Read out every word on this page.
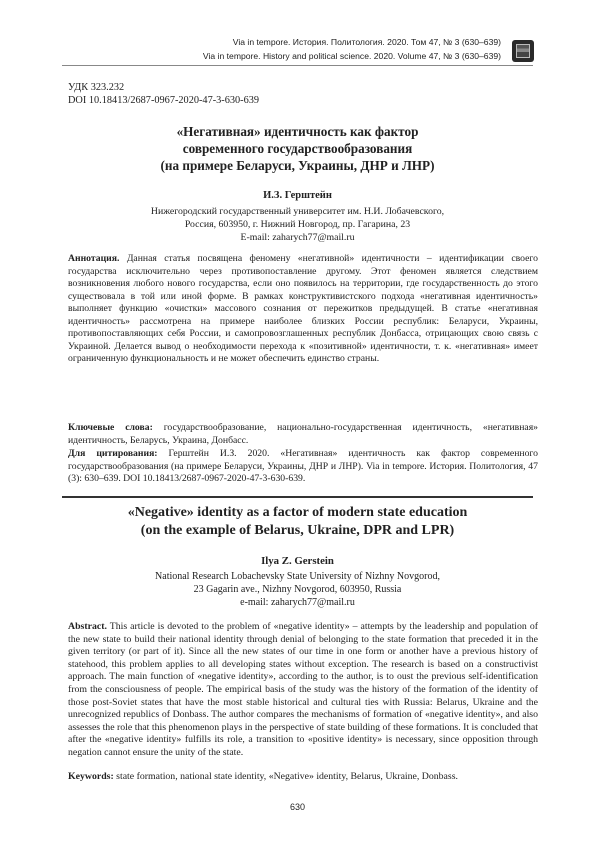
Via in tempore. История. Политология. 2020. Том 47, № 3 (630–639)
Via in tempore. History and political science. 2020. Volume 47, № 3 (630–639)
УДК 323.232
DOI 10.18413/2687-0967-2020-47-3-630-639
«Негативная» идентичность как фактор
современного государствообразования
(на примере Беларуси, Украины, ДНР и ЛНР)
И.З. Герштейн
Нижегородский государственный университет им. Н.И. Лобачевского,
Россия, 603950, г. Нижний Новгород, пр. Гагарина, 23
E-mail: zaharych77@mail.ru
Аннотация. Данная статья посвящена феномену «негативной» идентичности – идентификации своего государства исключительно через противопоставление другому. Этот феномен является следствием возникновения любого нового государства, если оно появилось на территории, где государственность до этого существовала в той или иной форме. В рамках конструктивистского подхода «негативная идентичность» выполняет функцию «очистки» массового сознания от пережитков предыдущей. В статье «негативная идентичность» рассмотрена на примере наиболее близких России республик: Беларуси, Украины, противопоставляющих себя России, и самопровозглашенных республик Донбасса, отрицающих свою связь с Украиной. Делается вывод о необходимости перехода к «позитивной» идентичности, т. к. «негативная» имеет ограниченную функциональность и не может обеспечить единство страны.
Ключевые слова: государствообразование, национально-государственная идентичность, «негативная» идентичность, Беларусь, Украина, Донбасс.
Для цитирования: Герштейн И.З. 2020. «Негативная» идентичность как фактор современного государствообразования (на примере Беларуси, Украины, ДНР и ЛНР). Via in tempore. История. Политология, 47 (3): 630–639. DOI 10.18413/2687-0967-2020-47-3-630-639.
«Negative» identity as a factor of modern state education
(on the example of Belarus, Ukraine, DPR and LPR)
Ilya Z. Gerstein
National Research Lobachevsky State University of Nizhny Novgorod,
23 Gagarin ave., Nizhny Novgorod, 603950, Russia
e-mail: zaharych77@mail.ru
Abstract. This article is devoted to the problem of «negative identity» – attempts by the leadership and population of the new state to build their national identity through denial of belonging to the state formation that preceded it in the given territory (or part of it). Since all the new states of our time in one form or another have a previous history of statehood, this problem applies to all developing states without exception. The research is based on a constructivist approach. The main function of «negative identity», according to the author, is to oust the previous self-identification from the consciousness of people. The empirical basis of the study was the history of the formation of the identity of those post-Soviet states that have the most stable historical and cultural ties with Russia: Belarus, Ukraine and the unrecognized republics of Donbass. The author compares the mechanisms of formation of «negative identity», and also assesses the role that this phenomenon plays in the perspective of state building of these formations. It is concluded that after the «negative identity» fulfills its role, a transition to «positive identity» is necessary, since opposition through negation cannot ensure the unity of the state.
Keywords: state formation, national state identity, «Negative» identity, Belarus, Ukraine, Donbass.
630
